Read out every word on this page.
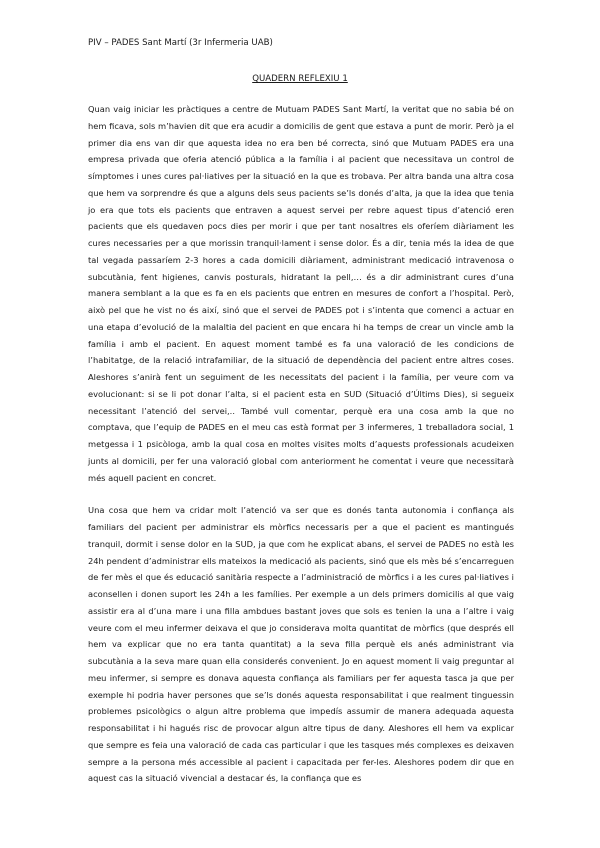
PIV – PADES Sant Martí (3r Infermeria UAB)
QUADERN REFLEXIU 1

Quan vaig iniciar les pràctiques a centre de Mutuam PADES Sant Martí, la veritat que no sabia bé on hem ficava, sols m’havien dit que era acudir a domicilis de gent que estava a punt de morir. Però ja el primer dia ens van dir que aquesta idea no era ben bé correcta, sinó que Mutuam PADES era una empresa privada que oferia atenció pública a la família i al pacient que necessitava un control de símptomes i unes cures pal·liatives per la situació en la que es trobava. Per altra banda una altra cosa que hem va sorprendre és que a alguns dels seus pacients se’ls donés d’alta, ja que la idea que tenia jo era que tots els pacients que entraven a aquest servei per rebre aquest tipus d’atenció eren pacients que els quedaven pocs dies per morir i que per tant nosaltres els oferíem diàriament les cures necessaries per a que morissin tranquil·lament i sense dolor. És a dir, tenia més la idea de que tal vegada passaríem 2-3 hores a cada domicili diàriament, administrant medicació intravenosa o subcutània, fent higienes, canvis posturals, hidratant la pell,… és a dir administrant cures d’una manera semblant a la que es fa en els pacients que entren en mesures de confort a l’hospital. Però, això pel que he vist no és així, sinó que el servei de PADES pot i s’intenta que comenci a actuar en una etapa d’evolució de la malaltia del pacient en que encara hi ha temps de crear un vincle amb la família i amb el pacient. En aquest moment també es fa una valoració de les condicions de l’habitatge, de la relació intrafamiliar, de la situació de dependència del pacient entre altres coses. Aleshores s’anirà fent un seguiment de les necessitats del pacient i la família, per veure com va evolucionant: si se li pot donar l’alta, si el pacient esta en SUD (Situació d’Últims Dies), si segueix necessitant l’atenció del servei,.. També vull comentar, perquè era una cosa amb la que no comptava, que l’equip de PADES en el meu cas està format per 3 infermeres, 1 treballadora social, 1 metgessa i 1 psicòloga, amb la qual cosa en moltes visites molts d’aquests professionals acudeixen junts al domicili, per fer una valoració global com anteriorment he comentat i veure que necessitarà més aquell pacient en concret.

Una cosa que hem va cridar molt l’atenció va ser que es donés tanta autonomia i confiança als familiars del pacient per administrar els mòrfics necessaris per a que el pacient es mantingués tranquil, dormit i sense dolor en la SUD, ja que com he explicat abans, el servei de PADES no està les 24h pendent d’administrar ells mateixos la medicació als pacients, sinó que els mès bé s’encarreguen de fer mès el que és educació sanitària respecte a l’administració de mòrfics i a les cures pal·liatives i aconsellen i donen suport les 24h a les famílies. Per exemple a un dels primers domicilis al que vaig assistir era al d’una mare i una filla ambdues bastant joves que sols es tenien la una a l’altre i vaig veure com el meu infermer deixava el que jo considerava molta quantitat de mòrfics (que després ell hem va explicar que no era tanta quantitat) a la seva filla perquè els anés administrant via subcutània a la seva mare quan ella considerés convenient. Jo en aquest moment li vaig preguntar al meu infermer, si sempre es donava aquesta confiança als familiars per fer aquesta tasca ja que per exemple hi podria haver persones que se’ls donés aquesta responsabilitat i que realment tinguessin problemes psicològics o algun altre problema que impedís assumir de manera adequada aquesta responsabilitat i hi hagués risc de provocar algun altre tipus de dany. Aleshores ell hem va explicar que sempre es feia una valoració de cada cas particular i que les tasques més complexes es deixaven sempre a la persona més accessible al pacient i capacitada per fer-les. Aleshores podem dir que en aquest cas la situació vivencial a destacar és, la confiança que es
